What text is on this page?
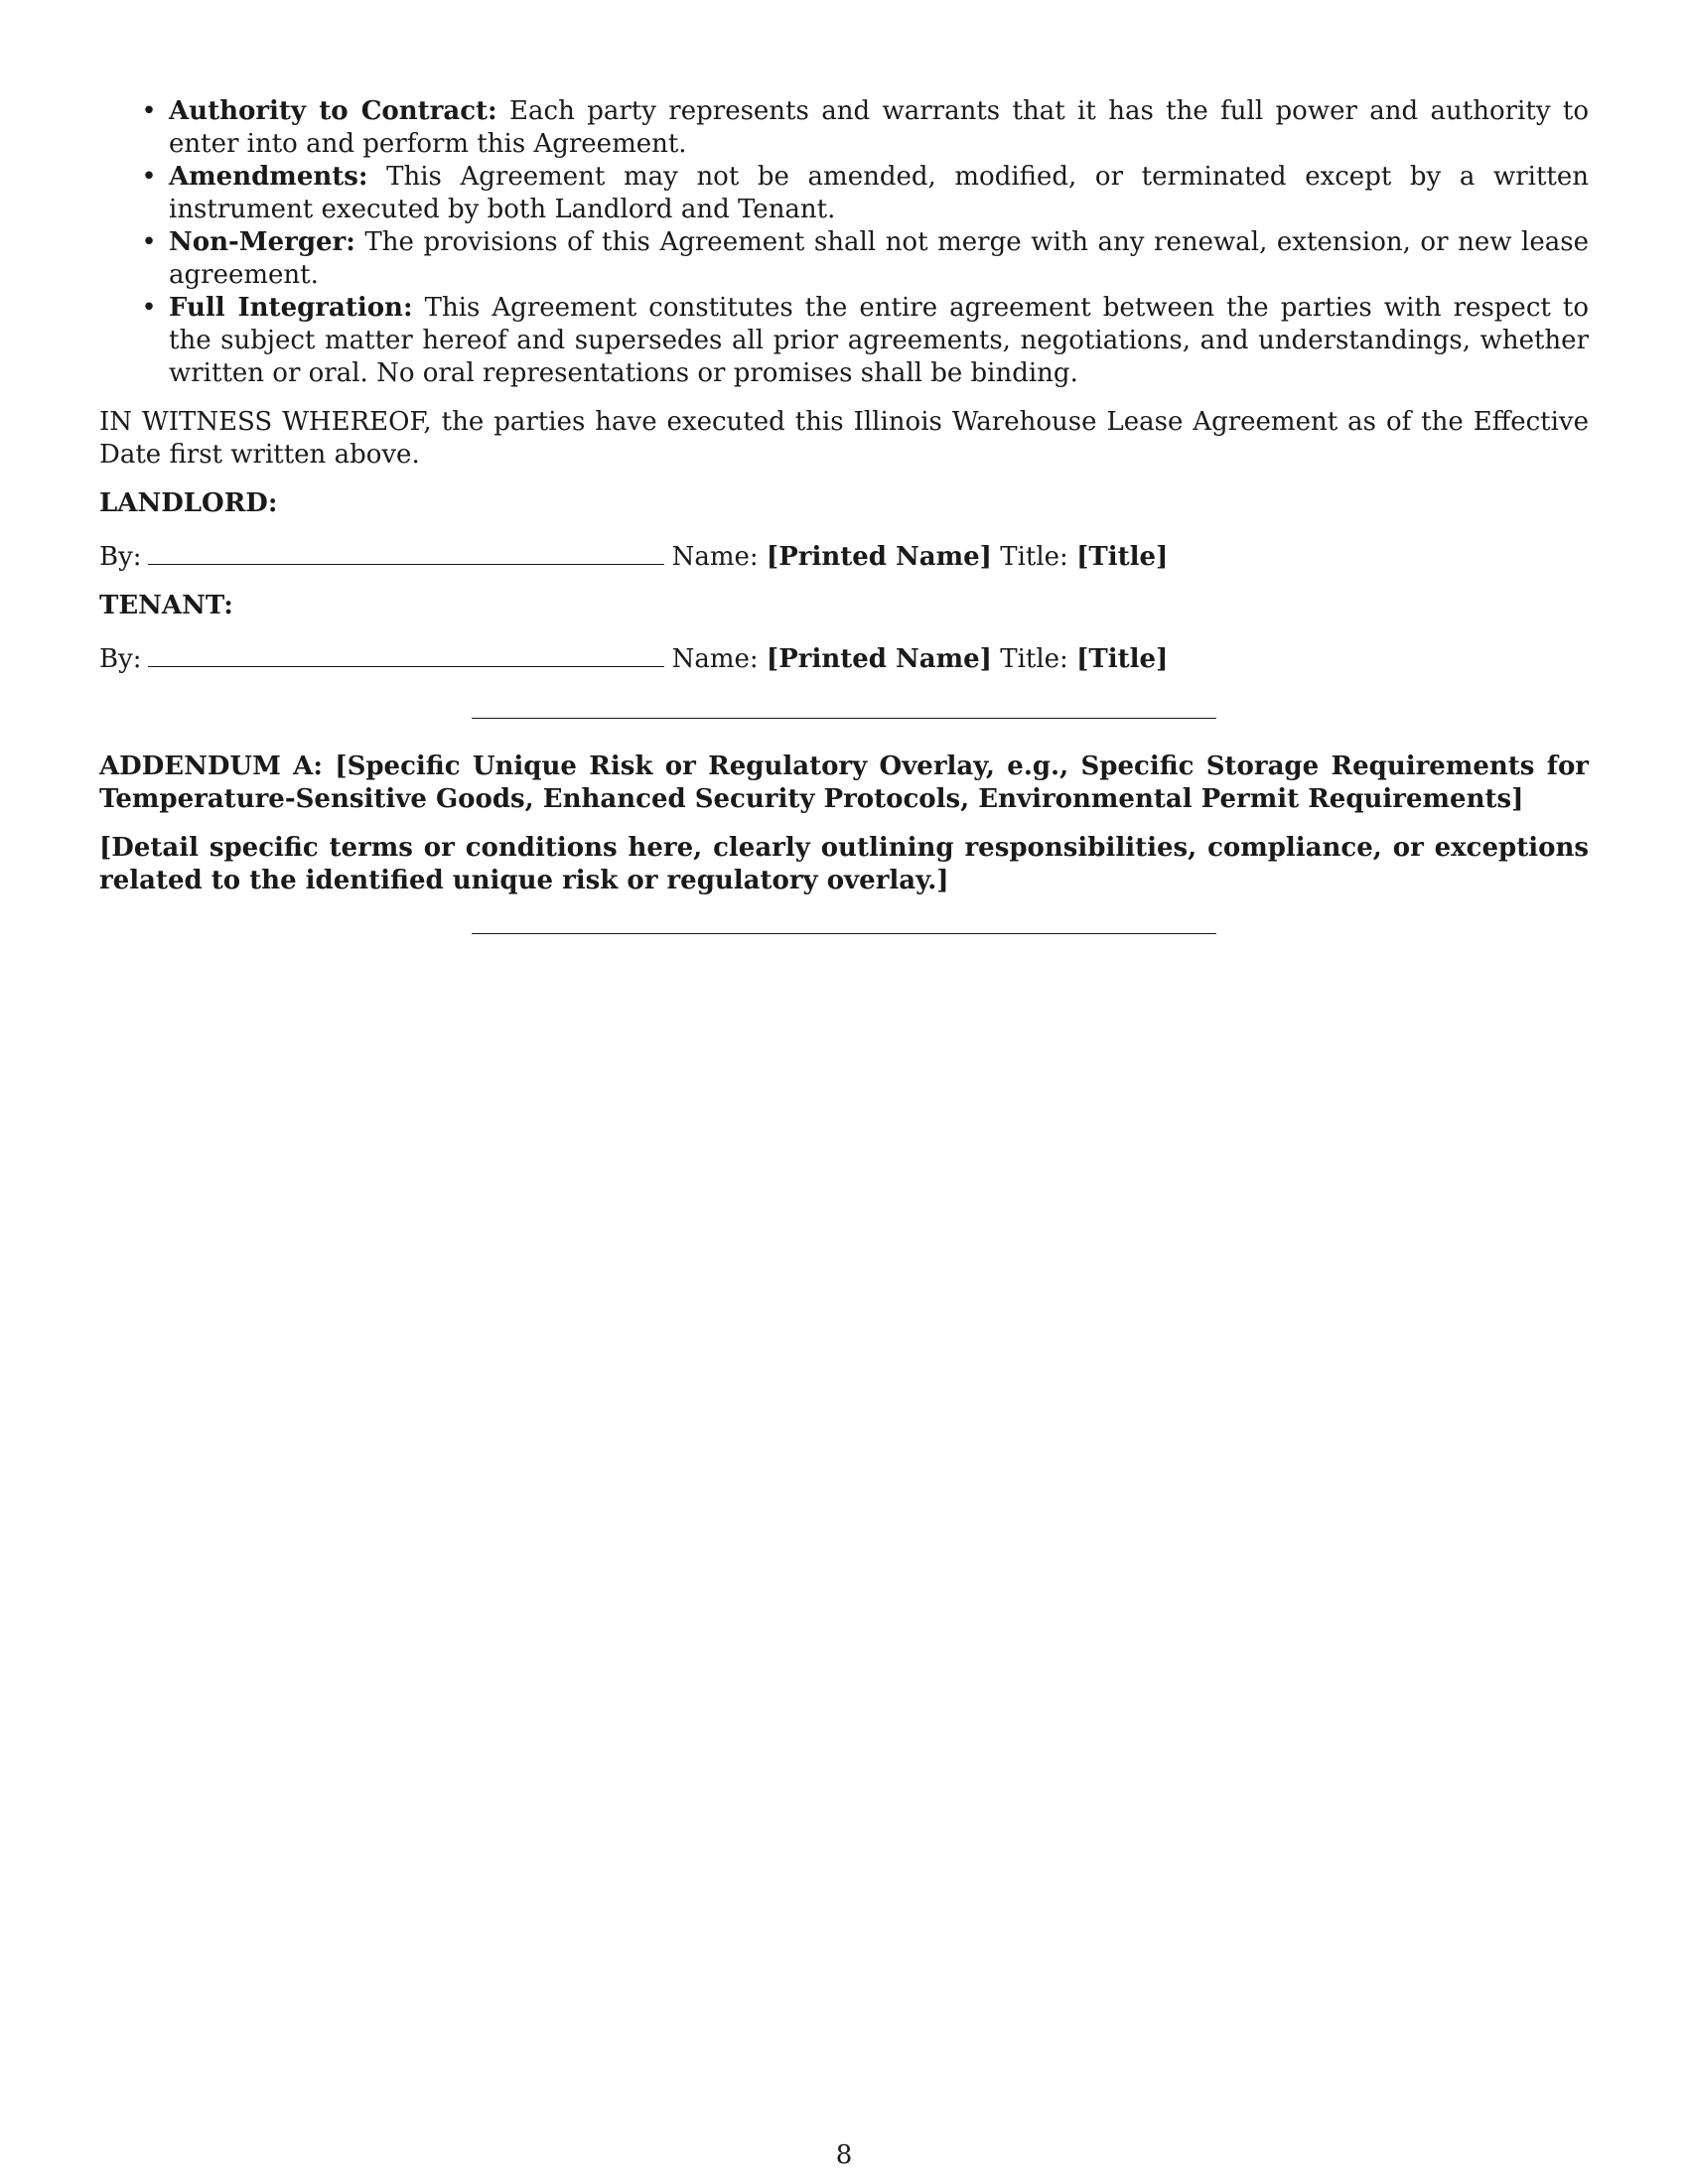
• Authority to Contract: Each party represents and warrants that it has the full power and authority to enter into and perform this Agreement.
• Amendments: This Agreement may not be amended, modified, or terminated except by a written instrument executed by both Landlord and Tenant.
• Non-Merger: The provisions of this Agreement shall not merge with any renewal, extension, or new lease agreement.
• Full Integration: This Agreement constitutes the entire agreement between the parties with respect to the subject matter hereof and supersedes all prior agreements, negotiations, and understandings, whether written or oral. No oral representations or promises shall be binding.
IN WITNESS WHEREOF, the parties have executed this Illinois Warehouse Lease Agreement as of the Effective Date first written above.
LANDLORD:
By:	Name: [Printed Name] Title: [Title]
TENANT:
By:	Name: [Printed Name] Title: [Title]
ADDENDUM A: [Specific Unique Risk or Regulatory Overlay, e.g., Specific Storage Requirements for Temperature-Sensitive Goods, Enhanced Security Protocols, Environmental Permit Requirements]
[Detail specific terms or conditions here, clearly outlining responsibilities, compliance, or exceptions related to the identified unique risk or regulatory overlay.]
8
